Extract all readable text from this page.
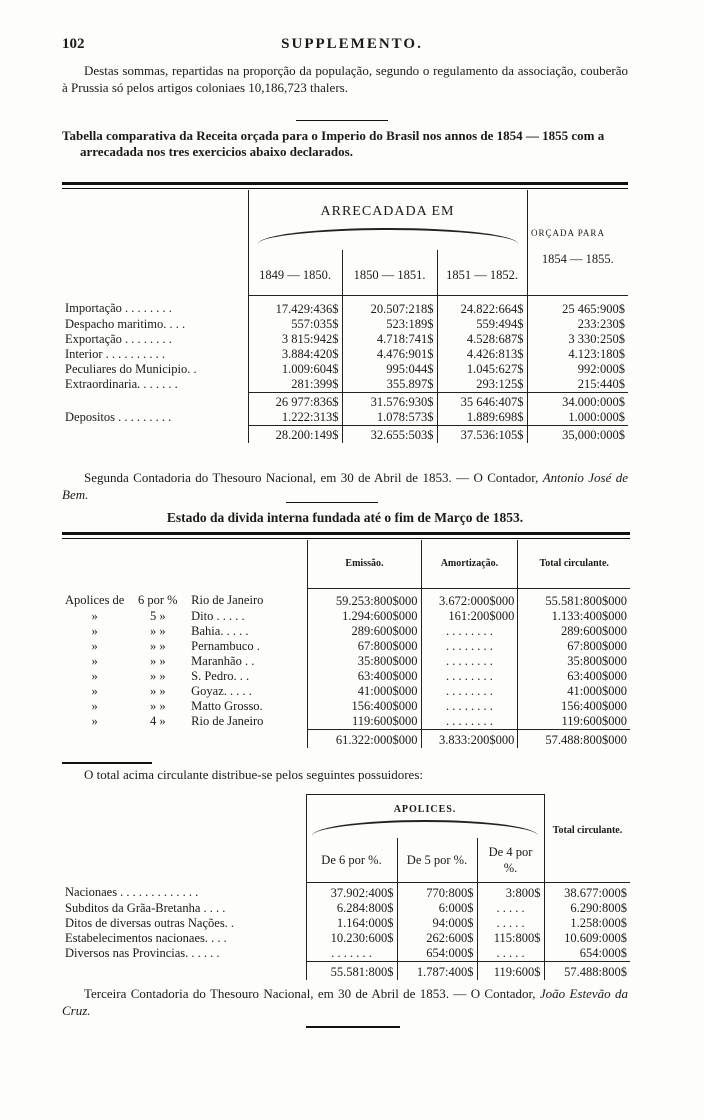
102	SUPPLEMENTO.
Destas sommas, repartidas na proporção da população, segundo o regulamento da associação, couberão à Prussia só pelos artigos coloniaes 10,186,723 thalers.
Tabella comparativa da Receita orçada para o Imperio do Brasil nos annos de 1854 — 1855 com a arrecadada nos tres exercicios abaixo declarados.
ARRECADADA EM
ORÇADA PARA
	1849 — 1850.	1850 — 1851.	1851 — 1852.	1854 — 1855.
Importação . . . . . . . .	17.429:436$	20.507:218$	24.822:664$	25 465:900$
Despacho maritimo. . . .	557:035$	523:189$	559:494$	233:230$
Exportação . . . . . . . .	3 815:942$	4.718:741$	4.528:687$	3 330:250$
Interior . . . . . . . . . .	3.884:420$	4.476:901$	4.426:813$	4.123:180$
Peculiares do Municipio. .	1.009:604$	995:044$	1.045:627$	992:000$
Extraordinaria. . . . . . .	281:399$	355.897$	293:125$	215:440$
	26 977:836$	31.576:930$	35 646:407$	34.000:000$
Depositos . . . . . . . . .	1.222:313$	1.078:573$	1.889:698$	1.000:000$
	28.200:149$	32.655:503$	37.536:105$	35,000:000$
Segunda Contadoria do Thesouro Nacional, em 30 de Abril de 1853. — O Contador, Antonio José de Bem.
Estado da divida interna fundada até o fim de Março de 1853.
			Emissão.	Amortização.	Total circulante.
Apolices de	6 por %	Rio de Janeiro	59.253:800$000	3.672:000$000	55.581:800$000
»	5 »	Dito . . . . .	1.294:600$000	161:200$000	1.133:400$000
»	» »	Bahia. . . . .	289:600$000	. . . . . . . .	289:600$000
»	» »	Pernambuco .	67:800$000	. . . . . . . .	67:800$000
»	» »	Maranhão . .	35:800$000	. . . . . . . .	35:800$000
»	» »	S. Pedro. . .	63:400$000	. . . . . . . .	63:400$000
»	» »	Goyaz. . . . .	41:000$000	. . . . . . . .	41:000$000
»	» »	Matto Grosso.	156:400$000	. . . . . . . .	156:400$000
»	4 »	Rio de Janeiro	119:600$000	. . . . . . . .	119:600$000
			61.322:000$000	3.833:200$000	57.488:800$000
O total acima circulante distribue-se pelos seguintes possuidores:
APOLICES.
Total circulante.
	De 6 por %.	De 5 por %.	De 4 por %.	
Nacionaes . . . . . . . . . . . . .	37.902:400$	770:800$	3:800$	38.677:000$
Subditos da Grãa-Bretanha . . . .	6.284:800$	6:000$	. . . . .	6.290:800$
Ditos de diversas outras Nações. .	1.164:000$	94:000$	. . . . .	1.258:000$
Estabelecimentos nacionaes. . . .	10.230:600$	262:600$	115:800$	10.609:000$
Diversos nas Provincias. . . . . .	. . . . . . .	654:000$	. . . . .	654:000$
	55.581:800$	1.787:400$	119:600$	57.488:800$
Terceira Contadoria do Thesouro Nacional, em 30 de Abril de 1853. — O Contador, João Estevão da Cruz.
